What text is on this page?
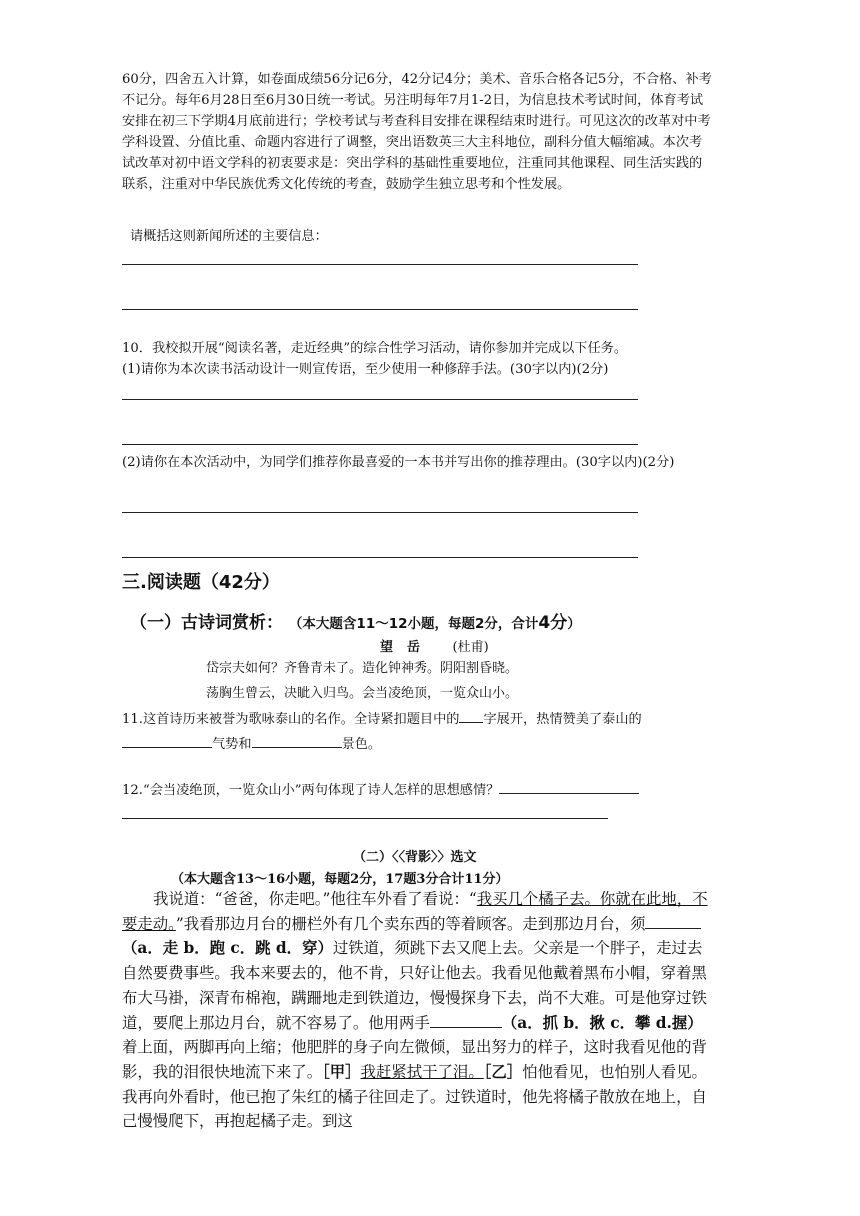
60分，四舍五入计算，如卷面成绩56分记6分，42分记4分；美术、音乐合格各记5分，不合格、补考不记分。每年6月28日至6月30日统一考试。另注明每年7月1-2日，为信息技术考试时间，体育考试安排在初三下学期4月底前进行；学校考试与考查科目安排在课程结束时进行。可见这次的改革对中考学科设置、分值比重、命题内容进行了调整，突出语数英三大主科地位，副科分值大幅缩减。本次考试改革对初中语文学科的初衷要求是：突出学科的基础性重要地位，注重同其他课程、同生活实践的联系，注重对中华民族优秀文化传统的考查，鼓励学生独立思考和个性发展。

请概括这则新闻所述的主要信息：

10．我校拟开展“阅读名著，走近经典”的综合性学习活动，请你参加并完成以下任务。

(1)请你为本次读书活动设计一则宣传语，至少使用一种修辞手法。(30字以内)(2分)

(2)请你在本次活动中，为同学们推荐你最喜爱的一本书并写出你的推荐理由。(30字以内)(2分)

三.阅读题（42分）
（一）古诗词赏析： （本大题含11～12小题，每题2分，合计4分）
望岳 (杜甫)
岱宗夫如何？齐鲁青未了。造化钟神秀。阴阳割昏晓。
荡胸生曾云，决眦入归鸟。会当凌绝顶，一览众山小。

11.这首诗历来被誉为歌咏泰山的名作。全诗紧扣题目中的 字展开，热情赞美了泰山的

气势和	景色。

12.“会当凌绝顶，一览众山小”两句体现了诗人怎样的思想感情？

（二）〈〈背影〉〉选文
（本大题含13～16小题，每题2分，17题3分合计11分）

我说道：“爸爸，你走吧。”他往车外看了看说：“我买几个橘子去。你就在此地，不要走动。”我看那边月台的栅栏外有几个卖东西的等着顾客。走到那边月台，须（a．走 b．跑 c．跳 d．穿）过铁道，须跳下去又爬上去。父亲是一个胖子，走过去自然要费事些。我本来要去的，他不肯，只好让他去。我看见他戴着黑布小帽，穿着黑布大马褂，深青布棉袍，蹒跚地走到铁道边，慢慢探身下去，尚不大难。可是他穿过铁道，要爬上那边月台，就不容易了。他用两手	（a．抓 b．揪 c．攀 d.握）着上面，两脚再向上缩；他肥胖的身子向左微倾，显出努力的样子，这时我看见他的背影，我的泪很快地流下来了。［甲］我赶紧拭干了泪。［乙］怕他看见，也怕别人看见。我再向外看时，他已抱了朱红的橘子往回走了。过铁道时，他先将橘子散放在地上，自己慢慢爬下，再抱起橘子走。到这
